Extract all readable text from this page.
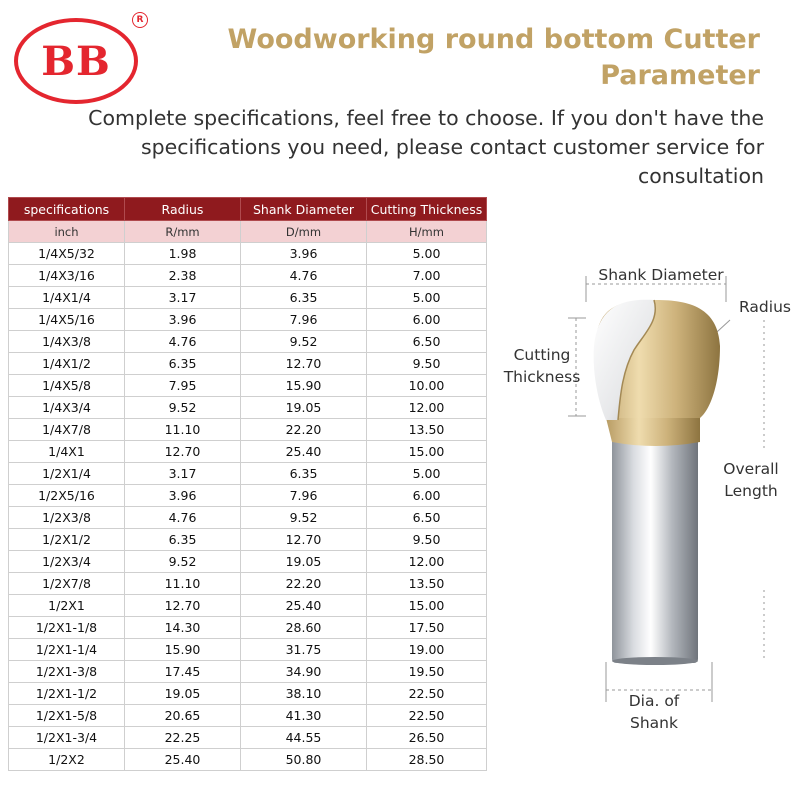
BB
R
Woodworking round bottom Cutter Parameter
Complete specifications, feel free to choose. If you don't have the specifications you need, please contact customer service for consultation
specifications	Radius	Shank Diameter	Cutting Thickness
inch	R/mm	D/mm	H/mm
1/4X5/32	1.98	3.96	5.00
1/4X3/16	2.38	4.76	7.00
1/4X1/4	3.17	6.35	5.00
1/4X5/16	3.96	7.96	6.00
1/4X3/8	4.76	9.52	6.50
1/4X1/2	6.35	12.70	9.50
1/4X5/8	7.95	15.90	10.00
1/4X3/4	9.52	19.05	12.00
1/4X7/8	11.10	22.20	13.50
1/4X1	12.70	25.40	15.00
1/2X1/4	3.17	6.35	5.00
1/2X5/16	3.96	7.96	6.00
1/2X3/8	4.76	9.52	6.50
1/2X1/2	6.35	12.70	9.50
1/2X3/4	9.52	19.05	12.00
1/2X7/8	11.10	22.20	13.50
1/2X1	12.70	25.40	15.00
1/2X1-1/8	14.30	28.60	17.50
1/2X1-1/4	15.90	31.75	19.00
1/2X1-3/8	17.45	34.90	19.50
1/2X1-1/2	19.05	38.10	22.50
1/2X1-5/8	20.65	41.30	22.50
1/2X1-3/4	22.25	44.55	26.50
1/2X2	25.40	50.80	28.50
Shank Diameter
Radius
Cutting
Thickness
Overall
Length
Dia. of
Shank
